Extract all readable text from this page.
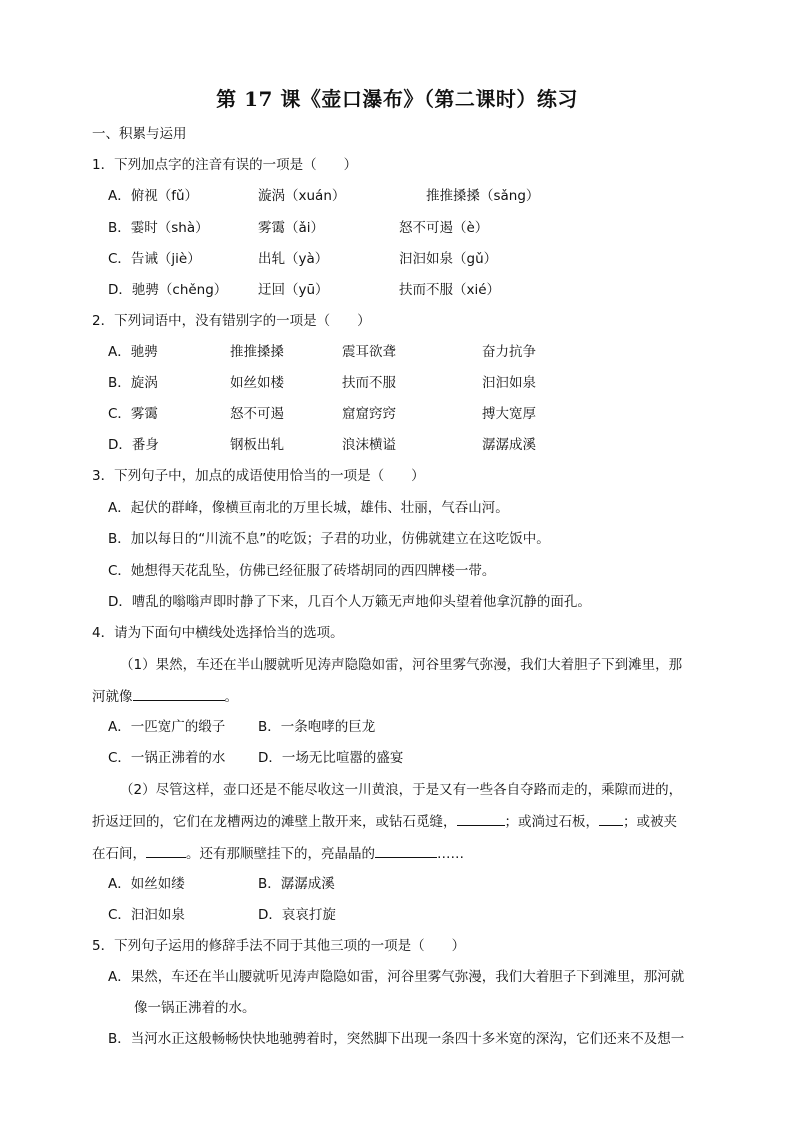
第 17 课《壶口瀑布》（第二课时）练习
一、积累与运用
1．下列加点字的注音有误的一项是（　　）
A．俯视（fǔ）	漩涡（xuán）	推推搡搡（sǎng）
B．霎时（shà）	雾霭（ǎi）	怒不可遏（è）
C．告诫（jiè）	出轧（yà）	汩汩如泉（gǔ）
D．驰骋（chěng） 迂回（yū）	扶而不服（xié）
2．下列词语中，没有错别字的一项是（　　）
A．驰骋	推推搡搡	震耳欲聋	奋力抗争
B．旋涡	如丝如楼	扶而不服	汩汩如泉
C．雾霭	怒不可遏	窟窟窍窍	搏大宽厚
D．番身	钢板出轧	浪沫横谥	潺潺成溪
3．下列句子中，加点的成语使用恰当的一项是（　　）
A．起伏的群峰，像横亘南北的万里长城，雄伟、壮丽，气吞山河。
B．加以每日的“川流不息”的吃饭；子君的功业，仿佛就建立在这吃饭中。
C．她想得天花乱坠，仿佛已经征服了砖塔胡同的西四牌楼一带。
D．嘈乱的嗡嗡声即时静了下来，几百个人万籁无声地仰头望着他拿沉静的面孔。
4．请为下面句中横线处选择恰当的选项。
（1）果然，车还在半山腰就听见涛声隐隐如雷，河谷里雾气弥漫，我们大着胆子下到滩里，那
河就像	。
A．一匹宽广的缎子 B．一条咆哮的巨龙
C．一锅正沸着的水 D．一场无比喧嚣的盛宴
（2）尽管这样，壶口还是不能尽收这一川黄浪，于是又有一些各自夺路而走的，乘隙而进的，
折返迂回的，它们在龙槽两边的滩壁上散开来，或钻石觅缝，	；或淌过石板， ；或被夹
在石间，	。还有那顺壁挂下的，亮晶晶的	……
A．如丝如缕	B．潺潺成溪
C．汩汩如泉	D．哀哀打旋
5．下列句子运用的修辞手法不同于其他三项的一项是（　　）
A．果然，车还在半山腰就听见涛声隐隐如雷，河谷里雾气弥漫，我们大着胆子下到滩里，那河就
像一锅正沸着的水。
B．当河水正这般畅畅快快地驰骋着时，突然脚下出现一条四十多米宽的深沟，它们还来不及想一
